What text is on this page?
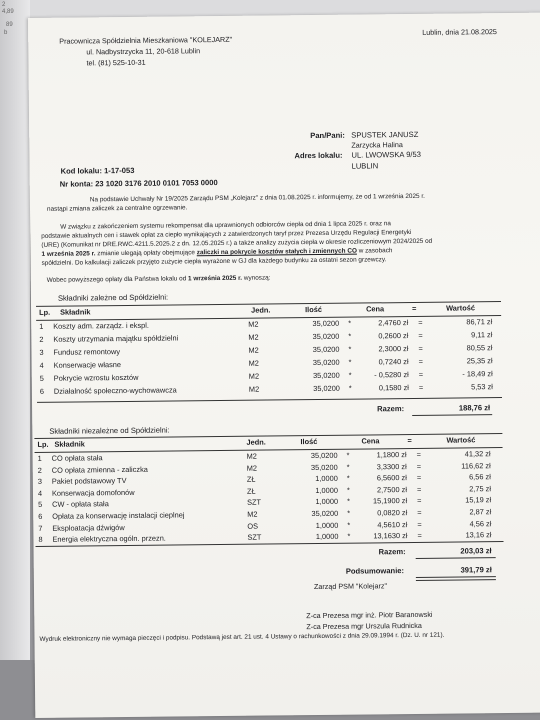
2
4,89
89
b
Pracownicza Spółdzielnia Mieszkaniowa "KOLEJARZ"
ul. Nadbystrzycka 11, 20-618 Lublin
tel. (81) 525-10-31
Lublin, dnia 21.08.2025
Pan/Pani: SPUSTEK JANUSZ
Zarzycka Halina
Adres lokalu: UL. LWOWSKA 9/53
LUBLIN
Kod lokalu: 1-17-053
Nr konta: 23 1020 3176 2010 0101 7053 0000
Na podstawie Uchwały Nr 19/2025 Zarządu PSM „Kolejarz" z dnia 01.08.2025 r. informujemy, że od 1 września 2025 r.
nastąpi zmiana zaliczek za centralne ogrzewanie.
W związku z zakończeniem systemu rekompensat dla uprawnionych odbiorców ciepła od dnia 1 lipca 2025 r. oraz na
podstawie aktualnych cen i stawek opłat za ciepło wynikających z zatwierdzonych taryf przez Prezesa Urzędu Regulacji Energetyki
(URE) (Komunikat nr DRE.RWC.4211.5.2025.2 z dn. 12.05.2025 r.) a także analizy zużycia ciepła w okresie rozliczeniowym 2024/2025 od
1 września 2025 r. zmianie ulegają opłaty obejmujące zaliczki na pokrycie kosztów stałych i zmiennych CO w zasobach
spółdzielni. Do kalkulacji zaliczek przyjęto zużycie ciepła wyrażone w GJ dla każdego budynku za ostatni sezon grzewczy.
Wobec powyższego opłaty dla Państwa lokalu od 1 września 2025 r. wynoszą:
Składniki zależne od Spółdzielni:
Lp. Składnik	Jedn.	Ilość	Cena	=	Wartość
1	Koszty adm. zarządz. i ekspl.	M2	35,0200 *	2,4760 zł =	86,71 zł
2	Koszty utrzymania majątku spółdzielni	M2	35,0200 *	0,2600 zł =	9,11 zł
3	Fundusz remontowy	M2	35,0200 *	2,3000 zł =	80,55 zł
4	Konserwacje własne	M2	35,0200 *	0,7240 zł =	25,35 zł
5	Pokrycie wzrostu kosztów	M2	35,0200 *	- 0,5280 zł =	- 18,49 zł
6	Działalność społeczno-wychowawcza	M2	35,0200 *	0,1580 zł =	5,53 zł
Razem:	188,76 zł
Składniki niezależne od Spółdzielni:
Lp. Składnik	Jedn.	Ilość	Cena	=	Wartość
1	CO opłata stała	M2	35,0200 *	1,1800 zł =	41,32 zł
2	CO opłata zmienna - zaliczka	M2	35,0200 *	3,3300 zł =	116,62 zł
3	Pakiet podstawowy TV	ZŁ	1,0000 *	6,5600 zł =	6,56 zł
4	Konserwacja domofonów	ZŁ	1,0000 *	2,7500 zł =	2,75 zł
5	CW - opłata stała	SZT	1,0000 *	15,1900 zł =	15,19 zł
6	Opłata za konserwację instalacji cieplnej	M2	35,0200 *	0,0820 zł =	2,87 zł
7	Eksploatacja dźwigów	OS	1,0000 *	4,5610 zł =	4,56 zł
8	Energia elektryczna ogóln. przezn.	SZT	1,0000 *	13,1630 zł =	13,16 zł
Razem:	203,03 zł
Podsumowanie:	391,79 zł
Zarząd PSM "Kolejarz"
Z-ca Prezesa mgr inż. Piotr Baranowski
Z-ca Prezesa mgr Urszula Rudnicka
Wydruk elektroniczny nie wymaga pieczęci i podpisu. Podstawą jest art. 21 ust. 4 Ustawy o rachunkowości z dnia 29.09.1994 r. (Dz. U. nr 121).
